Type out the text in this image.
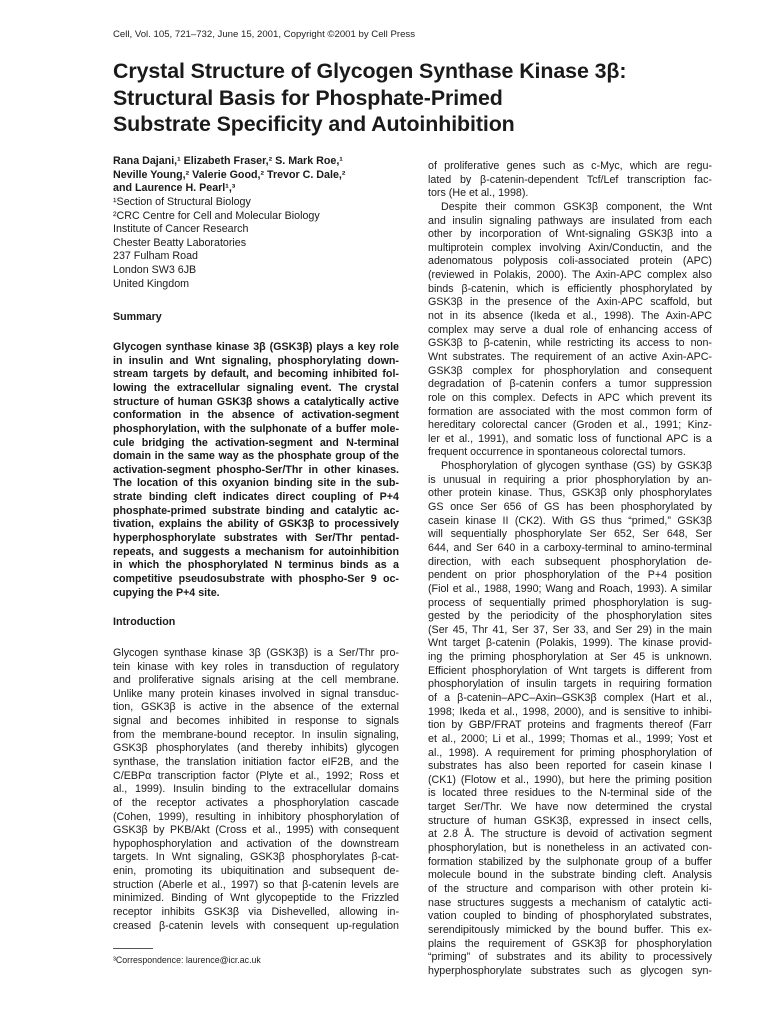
Cell, Vol. 105, 721–732, June 15, 2001, Copyright ©2001 by Cell Press
Crystal Structure of Glycogen Synthase Kinase 3β:
Structural Basis for Phosphate-Primed
Substrate Specificity and Autoinhibition
Rana Dajani,¹ Elizabeth Fraser,² S. Mark Roe,¹
Neville Young,² Valerie Good,² Trevor C. Dale,²
and Laurence H. Pearl¹,³
¹Section of Structural Biology
²CRC Centre for Cell and Molecular Biology
Institute of Cancer Research
Chester Beatty Laboratories
237 Fulham Road
London SW3 6JB
United Kingdom

Summary

Glycogen synthase kinase 3β (GSK3β) plays a key role
in insulin and Wnt signaling, phosphorylating down-
stream targets by default, and becoming inhibited fol-
lowing the extracellular signaling event. The crystal
structure of human GSK3β shows a catalytically active
conformation in the absence of activation-segment
phosphorylation, with the sulphonate of a buffer mole-
cule bridging the activation-segment and N-terminal
domain in the same way as the phosphate group of the
activation-segment phospho-Ser/Thr in other kinases.
The location of this oxyanion binding site in the sub-
strate binding cleft indicates direct coupling of P+4
phosphate-primed substrate binding and catalytic ac-
tivation, explains the ability of GSK3β to processively
hyperphosphorylate substrates with Ser/Thr pentad-
repeats, and suggests a mechanism for autoinhibition
in which the phosphorylated N terminus binds as a
competitive pseudosubstrate with phospho-Ser 9 oc-
cupying the P+4 site.

Introduction

Glycogen synthase kinase 3β (GSK3β) is a Ser/Thr pro-
tein kinase with key roles in transduction of regulatory
and proliferative signals arising at the cell membrane.
Unlike many protein kinases involved in signal transduc-
tion, GSK3β is active in the absence of the external
signal and becomes inhibited in response to signals
from the membrane-bound receptor. In insulin signaling,
GSK3β phosphorylates (and thereby inhibits) glycogen
synthase, the translation initiation factor eIF2B, and the
C/EBPα transcription factor (Plyte et al., 1992; Ross et
al., 1999). Insulin binding to the extracellular domains
of the receptor activates a phosphorylation cascade
(Cohen, 1999), resulting in inhibitory phosphorylation of
GSK3β by PKB/Akt (Cross et al., 1995) with consequent
hypophosphorylation and activation of the downstream
targets. In Wnt signaling, GSK3β phosphorylates β-cat-
enin, promoting its ubiquitination and subsequent de-
struction (Aberle et al., 1997) so that β-catenin levels are
minimized. Binding of Wnt glycopeptide to the Frizzled
receptor inhibits GSK3β via Dishevelled, allowing in-
creased β-catenin levels with consequent up-regulation
³Correspondence: laurence@icr.ac.uk
of proliferative genes such as c-Myc, which are regu-
lated by β-catenin-dependent Tcf/Lef transcription fac-
tors (He et al., 1998).
Despite their common GSK3β component, the Wnt
and insulin signaling pathways are insulated from each
other by incorporation of Wnt-signaling GSK3β into a
multiprotein complex involving Axin/Conductin, and the
adenomatous polyposis coli-associated protein (APC)
(reviewed in Polakis, 2000). The Axin-APC complex also
binds β-catenin, which is efficiently phosphorylated by
GSK3β in the presence of the Axin-APC scaffold, but
not in its absence (Ikeda et al., 1998). The Axin-APC
complex may serve a dual role of enhancing access of
GSK3β to β-catenin, while restricting its access to non-
Wnt substrates. The requirement of an active Axin-APC-
GSK3β complex for phosphorylation and consequent
degradation of β-catenin confers a tumor suppression
role on this complex. Defects in APC which prevent its
formation are associated with the most common form of
hereditary colorectal cancer (Groden et al., 1991; Kinz-
ler et al., 1991), and somatic loss of functional APC is a
frequent occurrence in spontaneous colorectal tumors.
Phosphorylation of glycogen synthase (GS) by GSK3β
is unusual in requiring a prior phosphorylation by an-
other protein kinase. Thus, GSK3β only phosphorylates
GS once Ser 656 of GS has been phosphorylated by
casein kinase II (CK2). With GS thus “primed,” GSK3β
will sequentially phosphorylate Ser 652, Ser 648, Ser
644, and Ser 640 in a carboxy-terminal to amino-terminal
direction, with each subsequent phosphorylation de-
pendent on prior phosphorylation of the P+4 position
(Fiol et al., 1988, 1990; Wang and Roach, 1993). A similar
process of sequentially primed phosphorylation is sug-
gested by the periodicity of the phosphorylation sites
(Ser 45, Thr 41, Ser 37, Ser 33, and Ser 29) in the main
Wnt target β-catenin (Polakis, 1999). The kinase provid-
ing the priming phosphorylation at Ser 45 is unknown.
Efficient phosphorylation of Wnt targets is different from
phosphorylation of insulin targets in requiring formation
of a β-catenin–APC–Axin–GSK3β complex (Hart et al.,
1998; Ikeda et al., 1998, 2000), and is sensitive to inhibi-
tion by GBP/FRAT proteins and fragments thereof (Farr
et al., 2000; Li et al., 1999; Thomas et al., 1999; Yost et
al., 1998). A requirement for priming phosphorylation of
substrates has also been reported for casein kinase I
(CK1) (Flotow et al., 1990), but here the priming position
is located three residues to the N-terminal side of the
target Ser/Thr. We have now determined the crystal
structure of human GSK3β, expressed in insect cells,
at 2.8 Å. The structure is devoid of activation segment
phosphorylation, but is nonetheless in an activated con-
formation stabilized by the sulphonate group of a buffer
molecule bound in the substrate binding cleft. Analysis
of the structure and comparison with other protein ki-
nase structures suggests a mechanism of catalytic acti-
vation coupled to binding of phosphorylated substrates,
serendipitously mimicked by the bound buffer. This ex-
plains the requirement of GSK3β for phosphorylation
“priming” of substrates and its ability to processively
hyperphosphorylate substrates such as glycogen syn-
